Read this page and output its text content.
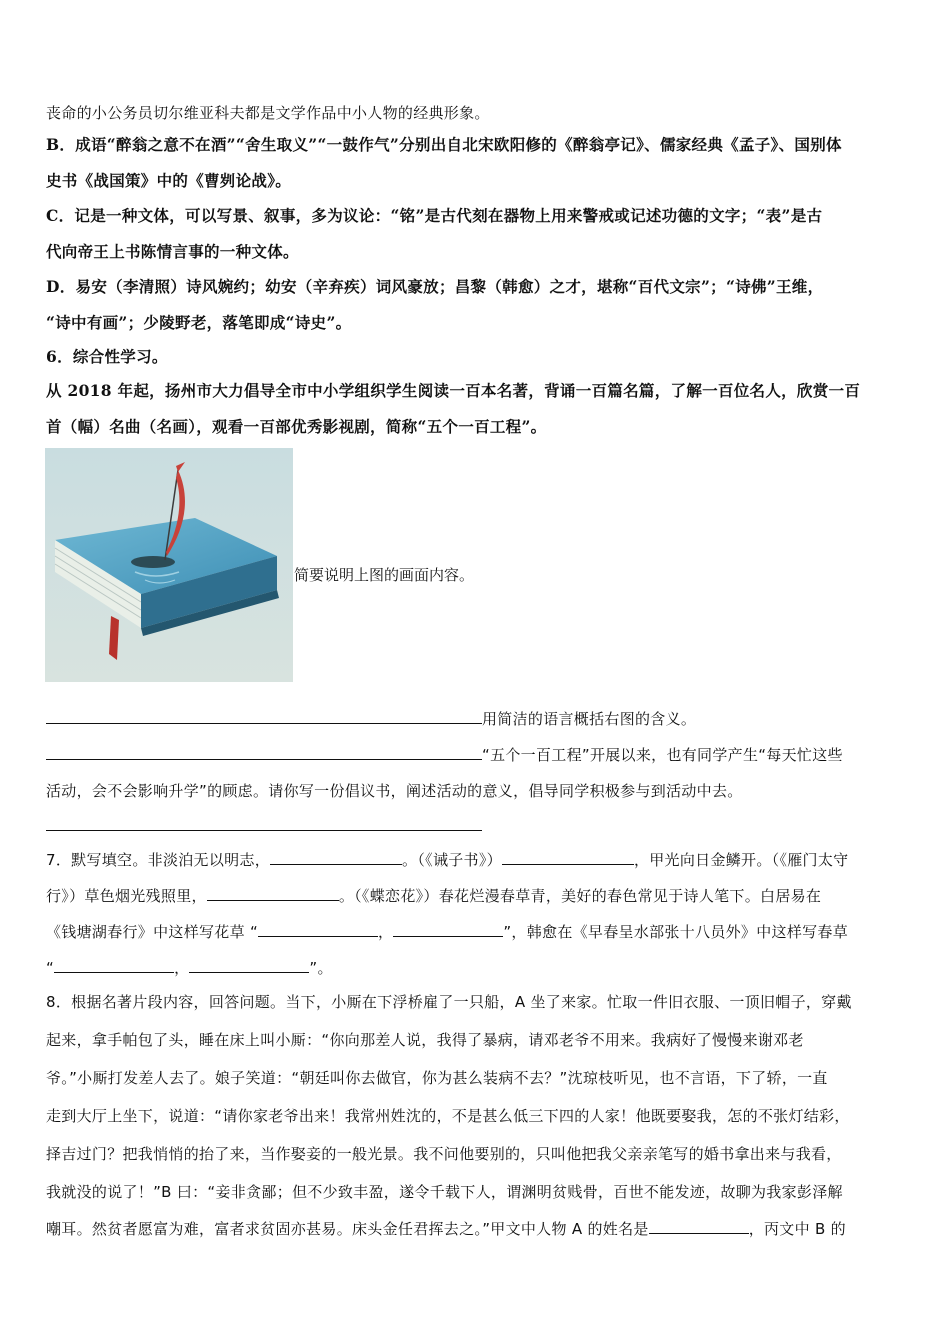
丧命的小公务员切尔维亚科夫都是文学作品中小人物的经典形象。
B．成语“醉翁之意不在酒”“舍生取义”“一鼓作气”分别出自北宋欧阳修的《醉翁亭记》、儒家经典《孟子》、国别体
史书《战国策》中的《曹刿论战》。
C．记是一种文体，可以写景、叙事，多为议论：“铭”是古代刻在器物上用来警戒或记述功德的文字；“表”是古
代向帝王上书陈情言事的一种文体。
D．易安（李清照）诗风婉约；幼安（辛弃疾）词风豪放；昌黎（韩愈）之才，堪称“百代文宗”；“诗佛”王维，
“诗中有画”；少陵野老，落笔即成“诗史”。
6．综合性学习。
从 2018 年起，扬州市大力倡导全市中小学组织学生阅读一百本名著，背诵一百篇名篇，了解一百位名人，欣赏一百
首（幅）名曲（名画），观看一百部优秀影视剧，简称“五个一百工程”。
简要说明上图的画面内容。
用简洁的语言概括右图的含义。
“五个一百工程”开展以来，也有同学产生“每天忙这些
活动，会不会影响升学”的顾虑。请你写一份倡议书，阐述活动的意义，倡导同学积极参与到活动中去。
7．默写填空。非淡泊无以明志，	。（《诫子书》）	，甲光向日金鳞开。（《雁门太守
行》）草色烟光残照里，	。（《蝶恋花》）春花烂漫春草青，美好的春色常见于诗人笔下。白居易在
《钱塘湖春行》中这样写花草 “	，	”，韩愈在《早春呈水部张十八员外》中这样写春草
“	，	”。
8．根据名著片段内容，回答问题。当下，小厮在下浮桥雇了一只船，A 坐了来家。忙取一件旧衣服、一顶旧帽子，穿戴
起来，拿手帕包了头，睡在床上叫小厮：“你向那差人说，我得了暴病，请邓老爷不用来。我病好了慢慢来谢邓老
爷。”小厮打发差人去了。娘子笑道：“朝廷叫你去做官，你为甚么装病不去？”沈琼枝听见，也不言语，下了轿，一直
走到大厅上坐下，说道：“请你家老爷出来！我常州姓沈的，不是甚么低三下四的人家！他既要娶我，怎的不张灯结彩，
择吉过门？把我悄悄的抬了来，当作娶妾的一般光景。我不问他要别的，只叫他把我父亲亲笔写的婚书拿出来与我看，
我就没的说了！”B 曰：“妾非贪鄙；但不少致丰盈，遂令千载下人，谓渊明贫贱骨，百世不能发迹，故聊为我家彭泽解
嘲耳。然贫者愿富为难，富者求贫固亦甚易。床头金任君挥去之。”甲文中人物 A 的姓名是	，丙文中 B 的
